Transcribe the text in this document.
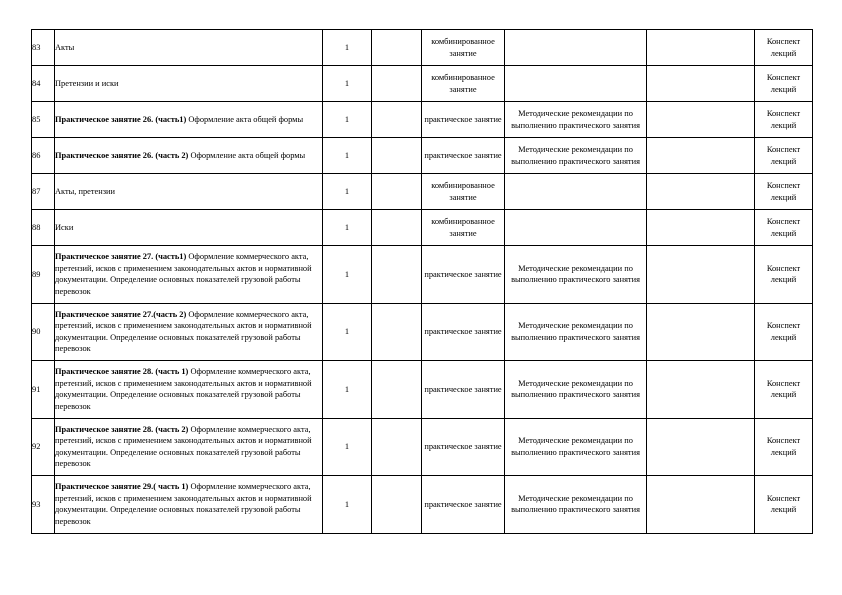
83	Акты	1		комбинированное занятие			Конспект лекций
84	Претензии и иски	1		комбинированное занятие			Конспект лекций
85	Практическое занятие 26. (часть1) Оформление акта общей формы	1		практическое занятие	Методические рекомендации по выполнению практического занятия		Конспект лекций
86	Практическое занятие 26. (часть 2) Оформление акта общей формы	1		практическое занятие	Методические рекомендации по выполнению практического занятия		Конспект лекций
87	Акты, претензии	1		комбинированное занятие			Конспект лекций
88	Иски	1		комбинированное занятие			Конспект лекций
89	Практическое занятие 27. (часть1) Оформление коммерческого акта, претензий, исков с применением законодательных актов и нормативной документации. Определение основных показателей грузовой работы перевозок	1		практическое занятие	Методические рекомендации по выполнению практического занятия		Конспект лекций
90	Практическое занятие 27.(часть 2) Оформление коммерческого акта, претензий, исков с применением законодательных актов и нормативной документации. Определение основных показателей грузовой работы перевозок	1		практическое занятие	Методические рекомендации по выполнению практического занятия		Конспект лекций
91	Практическое занятие 28. (часть 1) Оформление коммерческого акта, претензий, исков с применением законодательных актов и нормативной документации. Определение основных показателей грузовой работы перевозок	1		практическое занятие	Методические рекомендации по выполнению практического занятия		Конспект лекций
92	Практическое занятие 28. (часть 2) Оформление коммерческого акта, претензий, исков с применением законодательных актов и нормативной документации. Определение основных показателей грузовой работы перевозок	1		практическое занятие	Методические рекомендации по выполнению практического занятия		Конспект лекций
93	Практическое занятие 29.( часть 1) Оформление коммерческого акта, претензий, исков с применением законодательных актов и нормативной документации. Определение основных показателей грузовой работы перевозок	1		практическое занятие	Методические рекомендации по выполнению практического занятия		Конспект лекций
